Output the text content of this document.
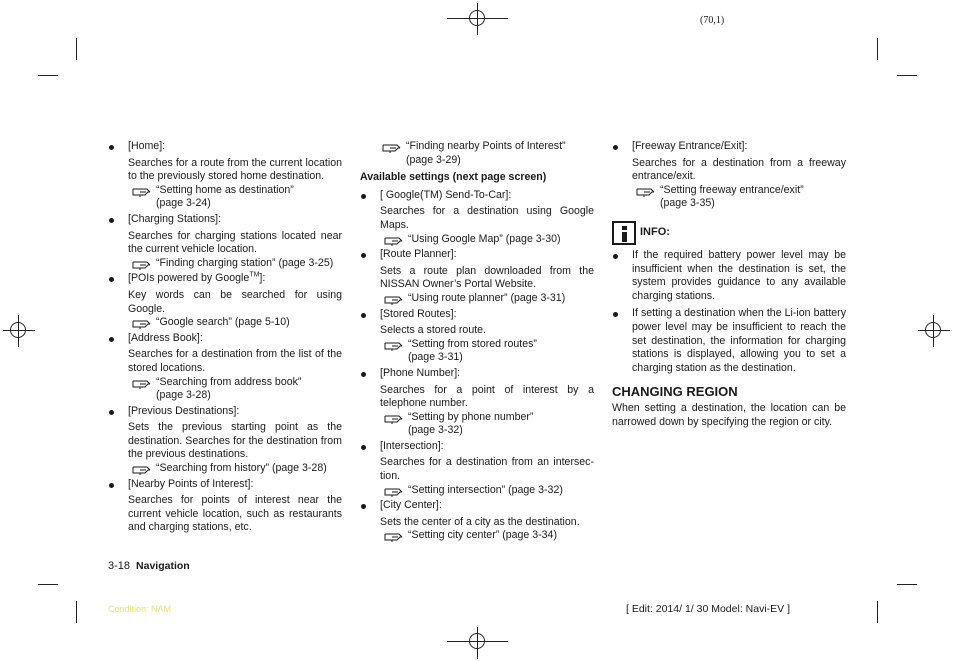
(70,1)
[Home]:
Searches for a route from the current location to the previously stored home destination.
“Setting home as destination”
(page 3-24)
[Charging Stations]:
Searches for charging stations located near the current vehicle location.
“Finding charging station” (page 3-25)
[POIs powered by Google™]:
Key words can be searched for using Google.
“Google search” (page 5-10)
[Address Book]:
Searches for a destination from the list of the stored locations.
“Searching from address book”
(page 3-28)
[Previous Destinations]:
Sets the previous starting point as the destination. Searches for the destination from the previous destinations.
“Searching from history” (page 3-28)
[Nearby Points of Interest]:
Searches for points of interest near the current vehicle location, such as restaurants and charging stations, etc.
“Finding nearby Points of Interest”
(page 3-29)
Available settings (next page screen)
[ Google(TM) Send-To-Car]:
Searches for a destination using Google Maps.
“Using Google Map” (page 3-30)
[Route Planner]:
Sets a route plan downloaded from the NISSAN Owner’s Portal Website.
“Using route planner” (page 3-31)
[Stored Routes]:
Selects a stored route.
“Setting from stored routes”
(page 3-31)
[Phone Number]:
Searches for a point of interest by a telephone number.
“Setting by phone number”
(page 3-32)
[Intersection]:
Searches for a destination from an intersec-tion.
“Setting intersection” (page 3-32)
[City Center]:
Sets the center of a city as the destination.
“Setting city center” (page 3-34)
[Freeway Entrance/Exit]:
Searches for a destination from a freeway entrance/exit.
“Setting freeway entrance/exit”
(page 3-35)
INFO:
If the required battery power level may be insufficient when the destination is set, the system provides guidance to any available charging stations.
If setting a destination when the Li-ion battery power level may be insufficient to reach the set destination, the information for charging stations is displayed, allowing you to set a charging station as the destination.
CHANGING REGION
When setting a destination, the location can be narrowed down by specifying the region or city.
3-18 Navigation
Condition: NAM	[ Edit: 2014/ 1/ 30 Model: Navi-EV ]
